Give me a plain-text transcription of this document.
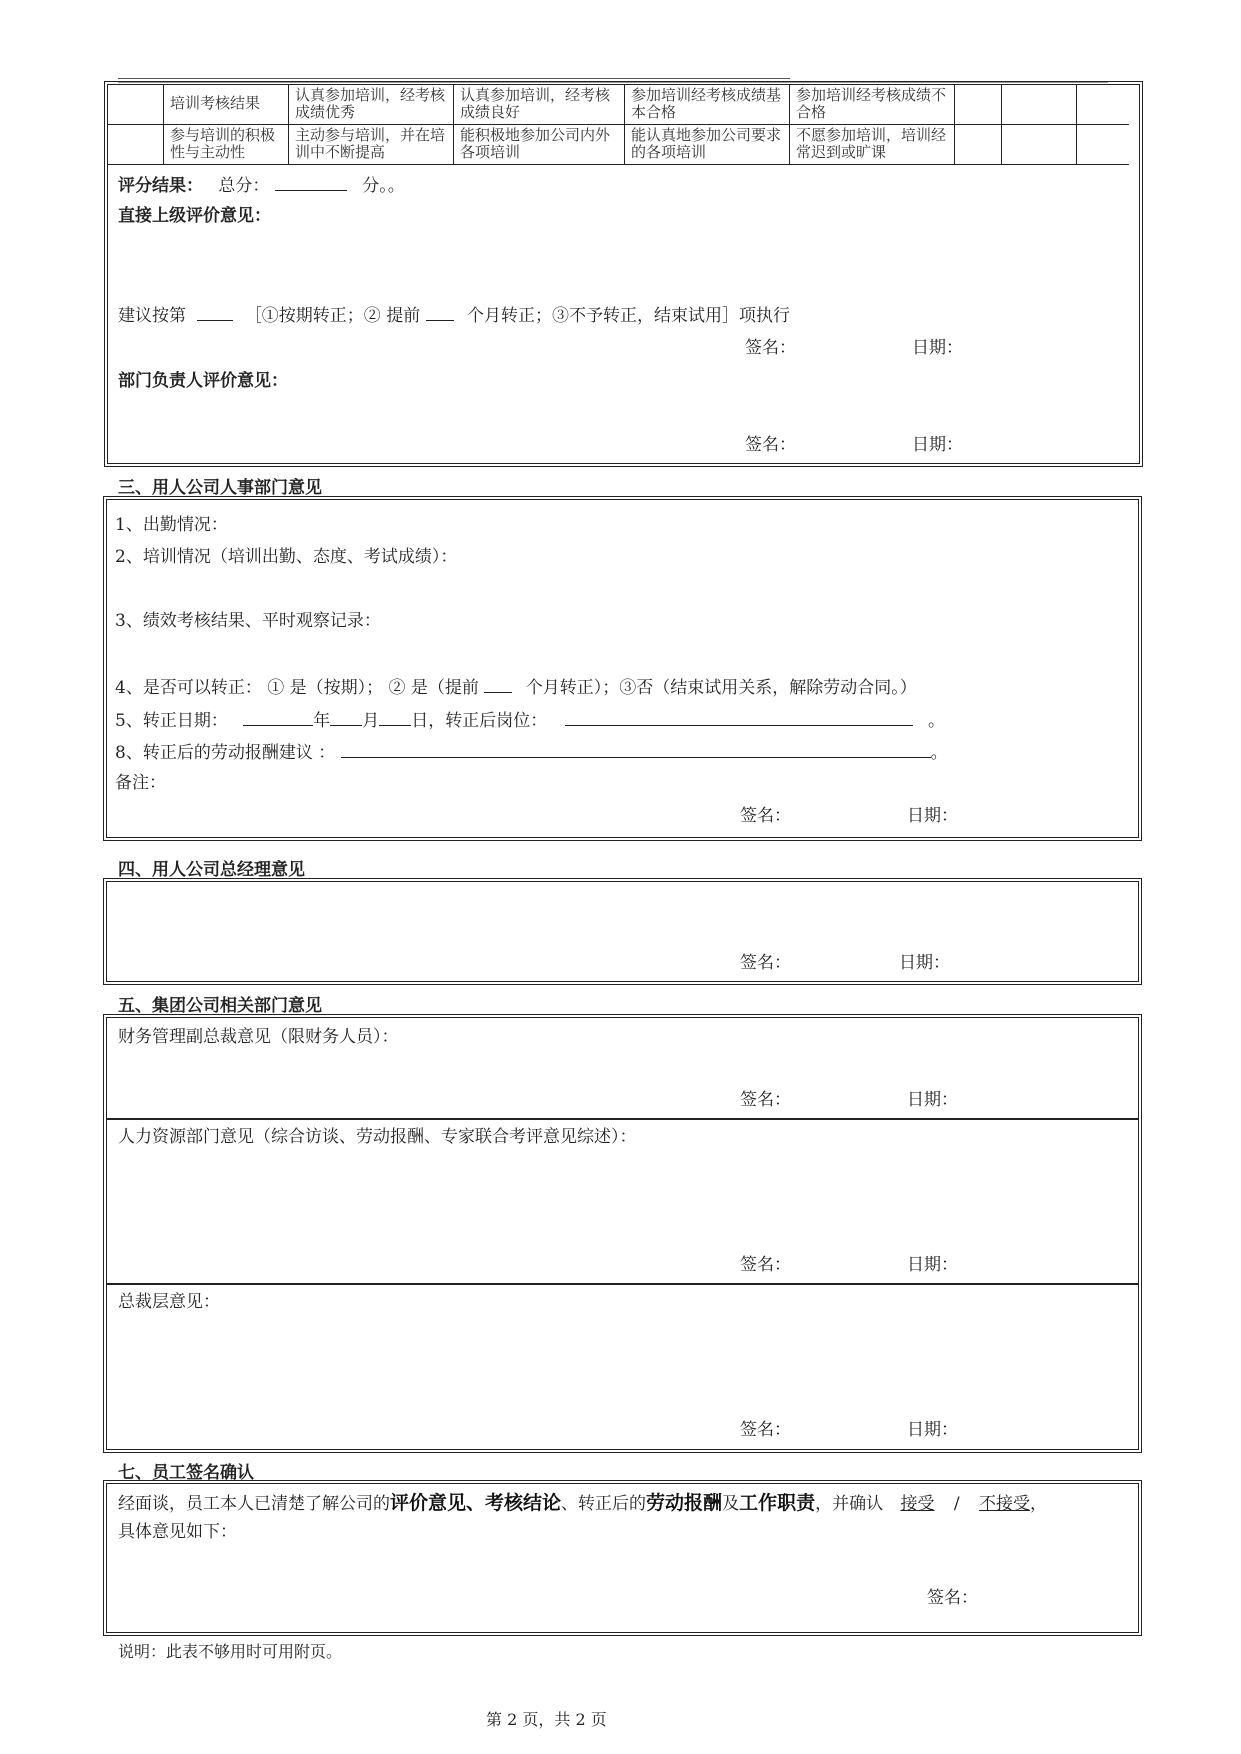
	培训考核结果	认真参加培训，经考核成绩优秀	认真参加培训，经考核成绩良好	参加培训经考核成绩基本合格	参加培训经考核成绩不合格			
	参与培训的积极性与主动性	主动参与培训，并在培训中不断提高	能积极地参加公司内外各项培训	能认真地参加公司要求的各项培训	不愿参加培训，培训经常迟到或旷课			
评分结果： 总分：	分。。
直接上级评价意见：
建议按第	［①按期转正；② 提前	个月转正；③不予转正，结束试用］项执行
签名：	日期：
部门负责人评价意见：
签名：	日期：
三、用人公司人事部门意见
1、出勤情况：
2、培训情况（培训出勤、态度、考试成绩）：
3、绩效考核结果、平时观察记录：
4、是否可以转正： ① 是（按期）； ② 是（提前	个月转正）；③否（结束试用关系，解除劳动合同。）
5、转正日期：	年 月 日，转正后岗位：	。
8、转正后的劳动报酬建议 ：	。
备注：
签名：	日期：
四、用人公司总经理意见
签名：	日期：
五、集团公司相关部门意见
财务管理副总裁意见（限财务人员）：
签名：	日期：
人力资源部门意见（综合访谈、劳动报酬、专家联合考评意见综述）：
签名：	日期：
总裁层意见：
签名：	日期：
七、员工签名确认
经面谈，员工本人已清楚了解公司的评价意见、考核结论、转正后的劳动报酬及工作职责，并确认 接受 / 不接受，
具体意见如下：
签名：
说明：此表不够用时可用附页。
第 2 页，共 2 页
